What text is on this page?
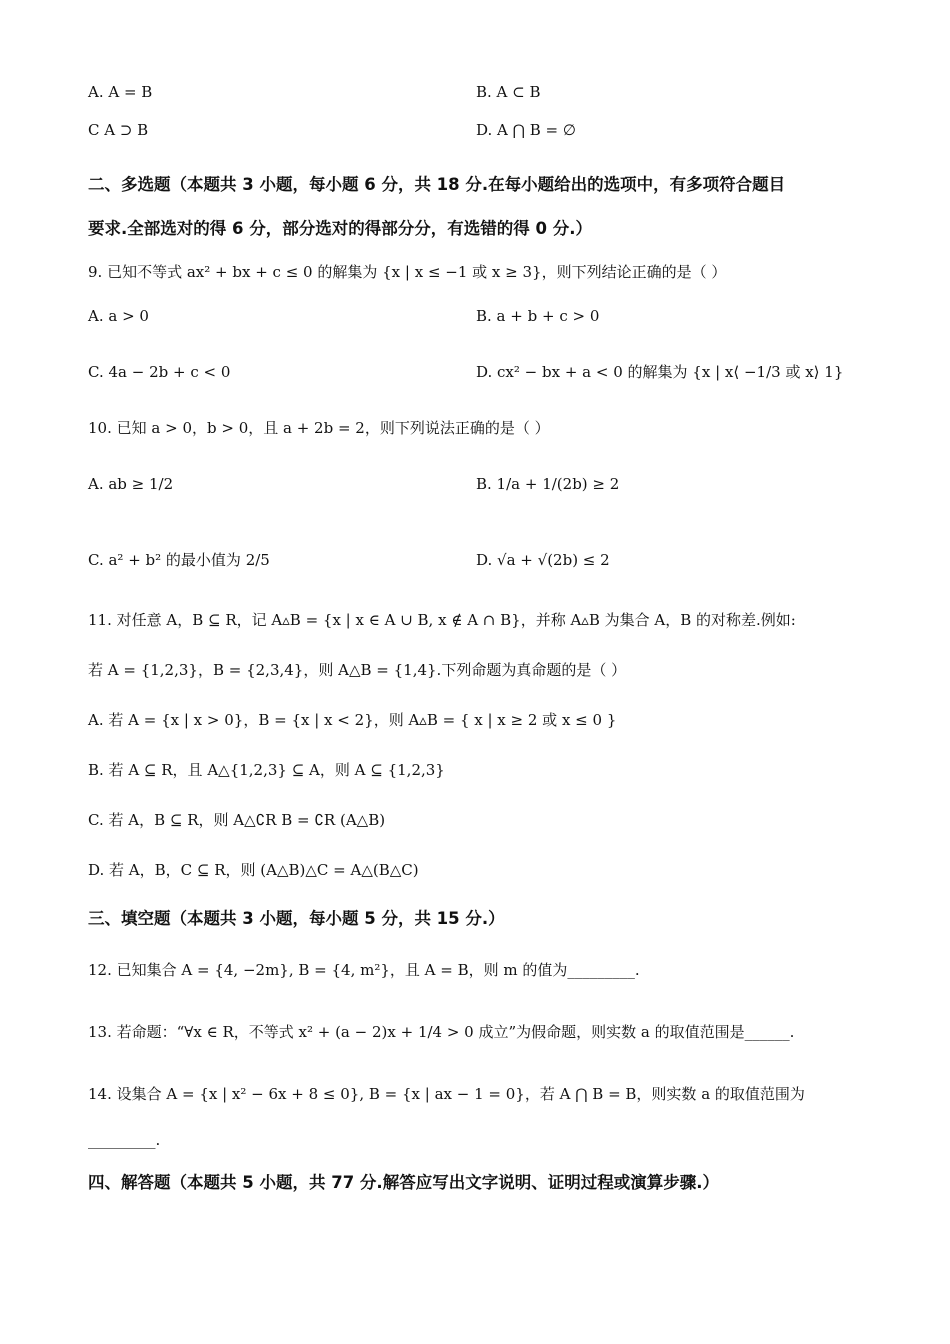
A. A = B	B. A ⊂ B
C A ⊃ B	D. A ⋂ B = ∅
二、多选题（本题共 3 小题，每小题 6 分，共 18 分.在每小题给出的选项中，有多项符合题目
要求.全部选对的得 6 分，部分选对的得部分分，有选错的得 0 分.）
9. 已知不等式 ax² + bx + c ≤ 0 的解集为 {x | x ≤ −1 或 x ≥ 3}，则下列结论正确的是（ ）
A. a > 0	B. a + b + c > 0
C. 4a − 2b + c < 0	D. cx² − bx + a < 0 的解集为 {x | x⟨ −1/3 或 x⟩ 1}
10. 已知 a > 0，b > 0，且 a + 2b = 2，则下列说法正确的是（ ）
A. ab ≥ 1/2	B. 1/a + 1/(2b) ≥ 2
C. a² + b² 的最小值为 2/5	D. √a + √(2b) ≤ 2
11. 对任意 A，B ⊆ R，记 A▵B = {x | x ∈ A ∪ B, x ∉ A ∩ B}，并称 A▵B 为集合 A，B 的对称差.例如:
若 A = {1,2,3}，B = {2,3,4}，则 A△B = {1,4}.下列命题为真命题的是（ ）
A. 若 A = {x | x > 0}，B = {x | x < 2}，则 A▵B = { x | x ≥ 2 或 x ≤ 0 }
B. 若 A ⊆ R，且 A△{1,2,3} ⊆ A，则 A ⊆ {1,2,3}
C. 若 A，B ⊆ R，则 A△∁R B = ∁R (A△B)
D. 若 A，B，C ⊆ R，则 (A△B)△C = A△(B△C)
三、填空题（本题共 3 小题，每小题 5 分，共 15 分.）
12. 已知集合 A = {4, −2m}, B = {4, m²}，且 A = B，则 m 的值为_________.
13. 若命题：“∀x ∈ R，不等式 x² + (a − 2)x + 1/4 > 0 成立”为假命题，则实数 a 的取值范围是______.
14. 设集合 A = {x | x² − 6x + 8 ≤ 0}, B = {x | ax − 1 = 0}，若 A ⋂ B = B，则实数 a 的取值范围为
_________.
四、解答题（本题共 5 小题，共 77 分.解答应写出文字说明、证明过程或演算步骤.）
